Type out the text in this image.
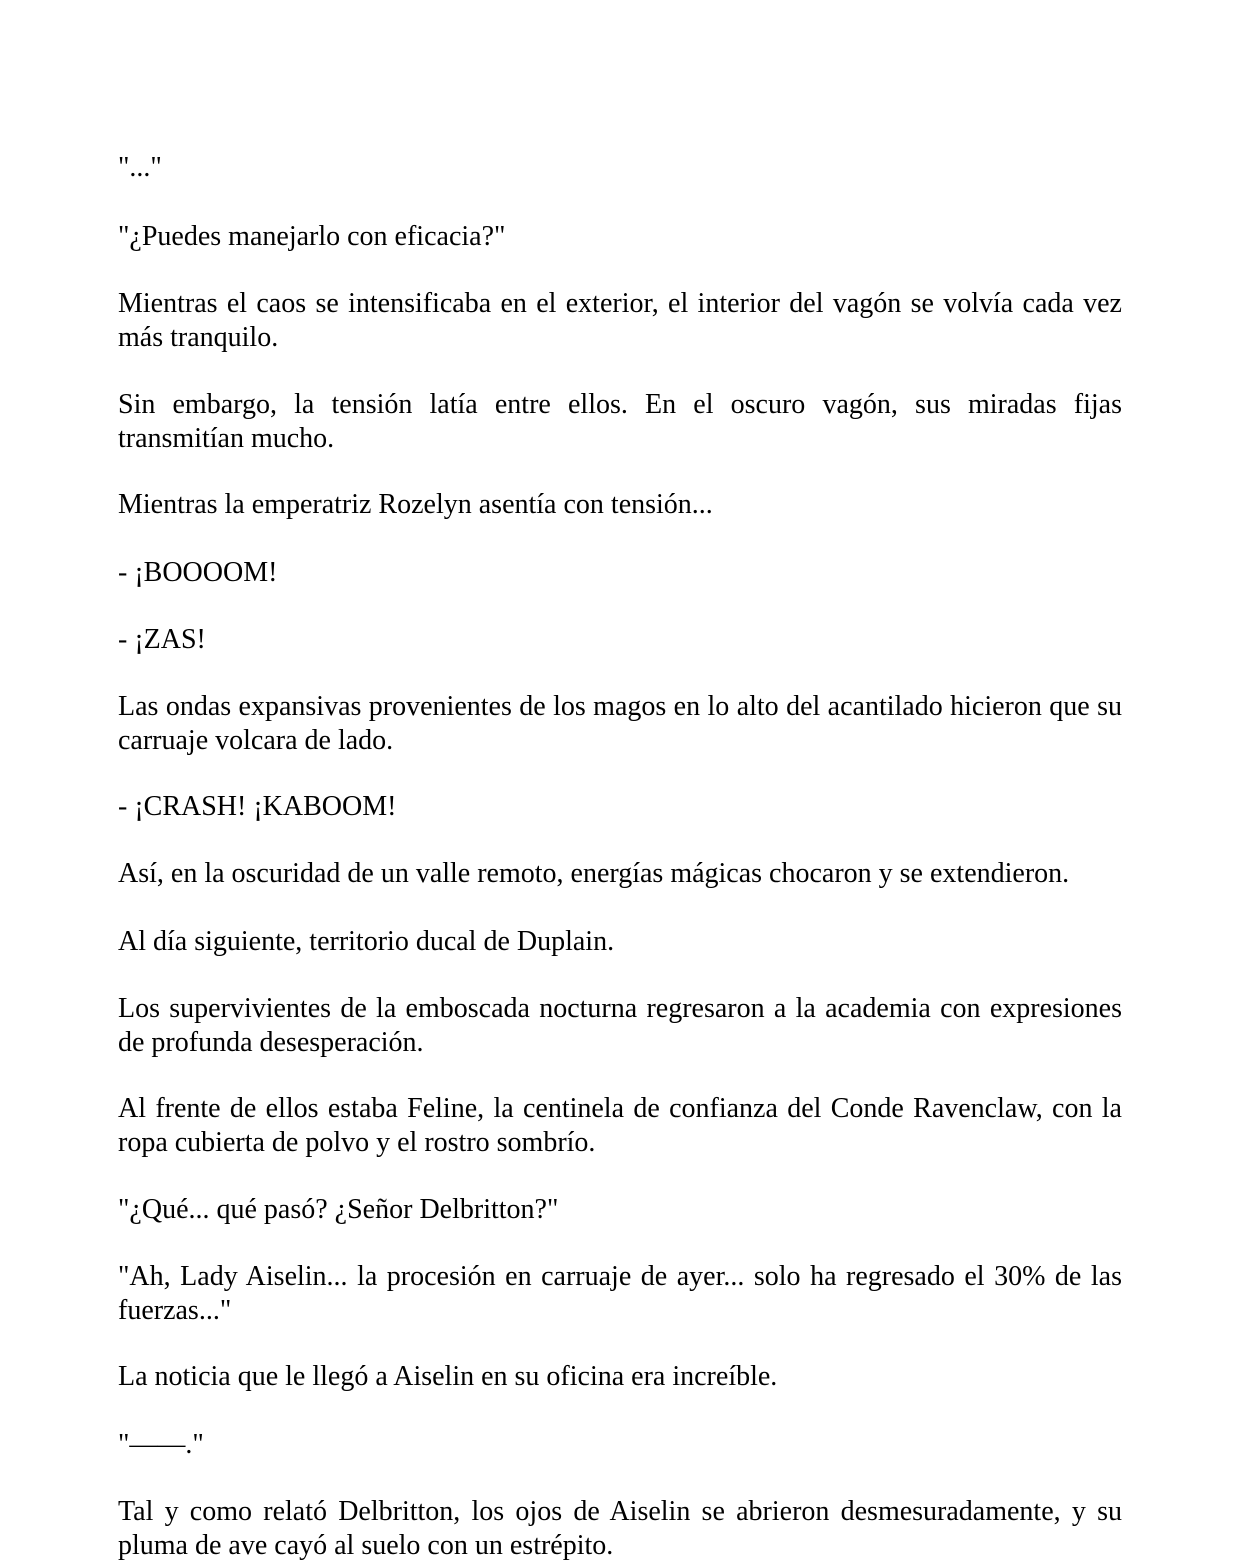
"..."

"¿Puedes manejarlo con eficacia?"

Mientras el caos se intensificaba en el exterior, el interior del vagón se volvía cada vez más tranquilo.

Sin embargo, la tensión latía entre ellos. En el oscuro vagón, sus miradas fijas transmitían mucho.

Mientras la emperatriz Rozelyn asentía con tensión...

- ¡BOOOOM!

- ¡ZAS!

Las ondas expansivas provenientes de los magos en lo alto del acantilado hicieron que su carruaje volcara de lado.

- ¡CRASH! ¡KABOOM!

Así, en la oscuridad de un valle remoto, energías mágicas chocaron y se extendieron.

Al día siguiente, territorio ducal de Duplain.

Los supervivientes de la emboscada nocturna regresaron a la academia con expresiones de profunda desesperación.

Al frente de ellos estaba Feline, la centinela de confianza del Conde Ravenclaw, con la ropa cubierta de polvo y el rostro sombrío.

"¿Qué... qué pasó? ¿Señor Delbritton?"

"Ah, Lady Aiselin... la procesión en carruaje de ayer... solo ha regresado el 30% de las fuerzas..."

La noticia que le llegó a Aiselin en su oficina era increíble.

"——."

Tal y como relató Delbritton, los ojos de Aiselin se abrieron desmesuradamente, y su pluma de ave cayó al suelo con un estrépito.
